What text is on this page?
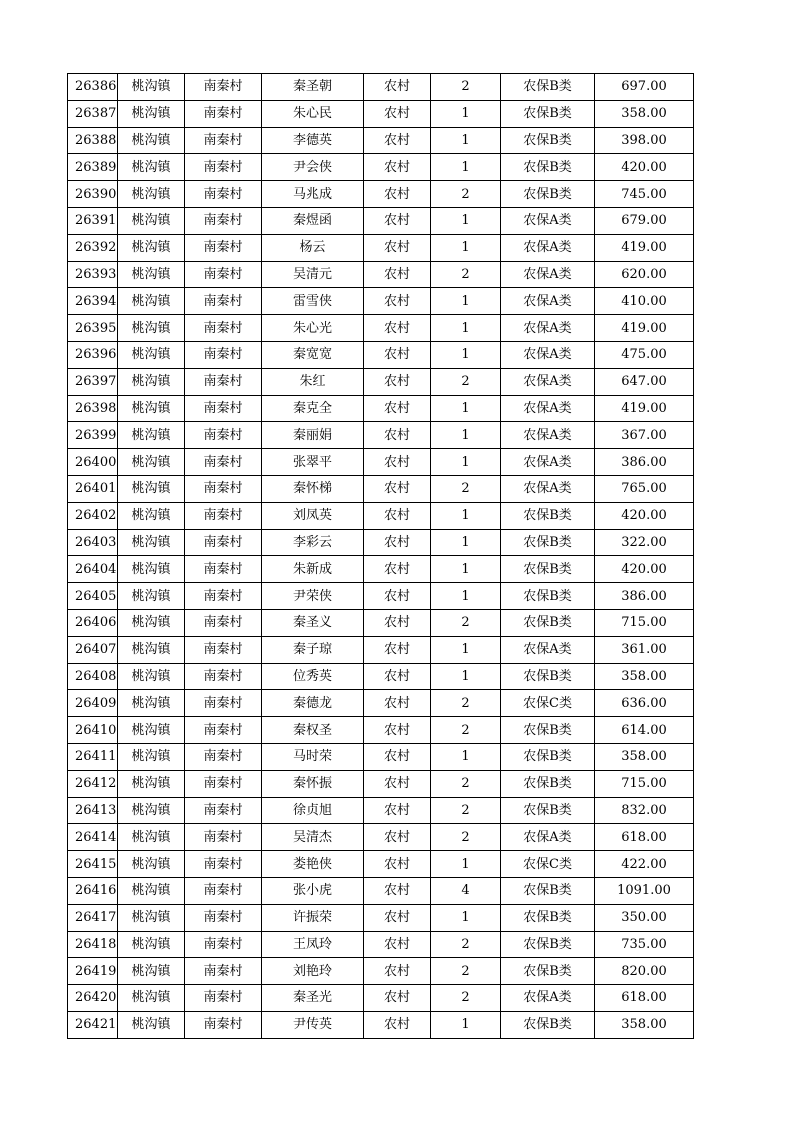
26386	桃沟镇	南秦村	秦圣朝	农村	2	农保B类	697.00
26387	桃沟镇	南秦村	朱心民	农村	1	农保B类	358.00
26388	桃沟镇	南秦村	李德英	农村	1	农保B类	398.00
26389	桃沟镇	南秦村	尹会侠	农村	1	农保B类	420.00
26390	桃沟镇	南秦村	马兆成	农村	2	农保B类	745.00
26391	桃沟镇	南秦村	秦煜函	农村	1	农保A类	679.00
26392	桃沟镇	南秦村	杨云	农村	1	农保A类	419.00
26393	桃沟镇	南秦村	吴清元	农村	2	农保A类	620.00
26394	桃沟镇	南秦村	雷雪侠	农村	1	农保A类	410.00
26395	桃沟镇	南秦村	朱心光	农村	1	农保A类	419.00
26396	桃沟镇	南秦村	秦宽宽	农村	1	农保A类	475.00
26397	桃沟镇	南秦村	朱红	农村	2	农保A类	647.00
26398	桃沟镇	南秦村	秦克全	农村	1	农保A类	419.00
26399	桃沟镇	南秦村	秦丽娟	农村	1	农保A类	367.00
26400	桃沟镇	南秦村	张翠平	农村	1	农保A类	386.00
26401	桃沟镇	南秦村	秦怀梯	农村	2	农保A类	765.00
26402	桃沟镇	南秦村	刘凤英	农村	1	农保B类	420.00
26403	桃沟镇	南秦村	李彩云	农村	1	农保B类	322.00
26404	桃沟镇	南秦村	朱新成	农村	1	农保B类	420.00
26405	桃沟镇	南秦村	尹荣侠	农村	1	农保B类	386.00
26406	桃沟镇	南秦村	秦圣义	农村	2	农保B类	715.00
26407	桃沟镇	南秦村	秦子琼	农村	1	农保A类	361.00
26408	桃沟镇	南秦村	位秀英	农村	1	农保B类	358.00
26409	桃沟镇	南秦村	秦德龙	农村	2	农保C类	636.00
26410	桃沟镇	南秦村	秦权圣	农村	2	农保B类	614.00
26411	桃沟镇	南秦村	马时荣	农村	1	农保B类	358.00
26412	桃沟镇	南秦村	秦怀振	农村	2	农保B类	715.00
26413	桃沟镇	南秦村	徐贞旭	农村	2	农保B类	832.00
26414	桃沟镇	南秦村	吴清杰	农村	2	农保A类	618.00
26415	桃沟镇	南秦村	娄艳侠	农村	1	农保C类	422.00
26416	桃沟镇	南秦村	张小虎	农村	4	农保B类	1091.00
26417	桃沟镇	南秦村	许振荣	农村	1	农保B类	350.00
26418	桃沟镇	南秦村	王凤玲	农村	2	农保B类	735.00
26419	桃沟镇	南秦村	刘艳玲	农村	2	农保B类	820.00
26420	桃沟镇	南秦村	秦圣光	农村	2	农保A类	618.00
26421	桃沟镇	南秦村	尹传英	农村	1	农保B类	358.00
